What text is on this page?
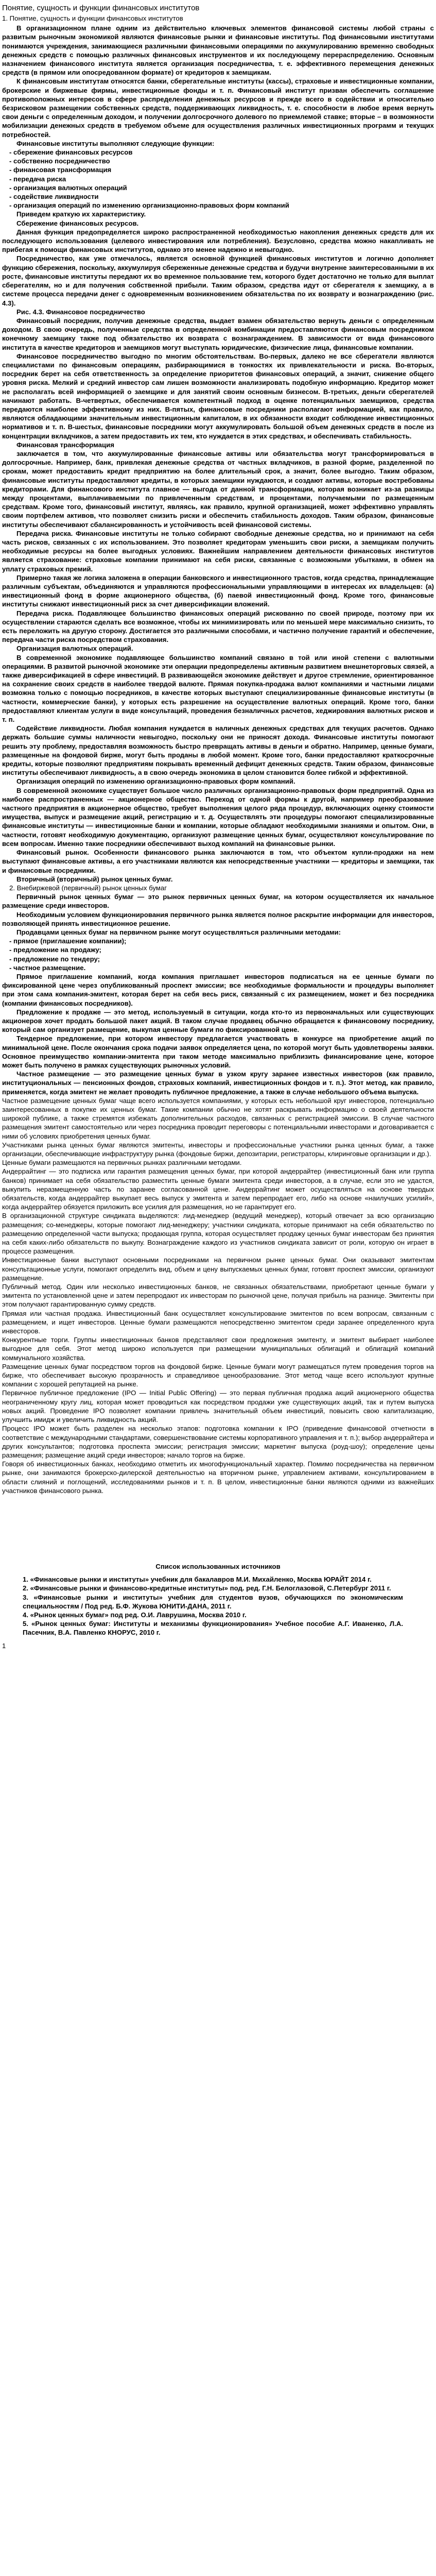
Понятие, сущность и функции финансовых институтов
1. Понятие, сущность и функции финансовых институтов

В организационном плане одним из действительно ключевых элементов финансовой системы любой страны с развитым рыночным экономикой являются финансовые рынки и финансовые институты. Под финансовыми институтами понимаются учреждения, занимающиеся различными финансовыми операциями по аккумулированию временно свободных денежных средств с помощью различных финансовых инструментов и их последующему перераспределению. Основным назначением финансового института является организация посредничества, т. е. эффективного перемещения денежных средств (в прямом или опосредованном формате) от кредиторов к заемщикам.

К финансовым институтам относятся банки, сберегательные институты (кассы), страховые и инвестиционные компании, брокерские и биржевые фирмы, инвестиционные фонды и т. п. Финансовый институт призван обеспечить соглашение противоположных интересов в сфере распределения денежных ресурсов и прежде всего в содействии и относительно безрисковом размещении собственных средств, поддерживающих ликвидность, т. е. способности в любое время вернуть свои деньги с определенным доходом, и получении долгосрочного долевого по приемлемой ставке; вторые – в возможности мобилизации денежных средств в требуемом объеме для осуществления различных инвестиционных программ и текущих потребностей.

Финансовые институты выполняют следующие функции:

- сбережение финансовых ресурсов

- собственно посредничество

- финансовая трансформация

- передача риска

- организация валютных операций

- содействие ликвидности

- организация операций по изменению организационно-правовых форм компаний

Приведем краткую их характеристику.

Сбережение финансовых ресурсов.

Данная функция предопределяется широко распространенной необходимостью накопления денежных средств для их последующего использования (целевого инвестирования или потребления). Безусловно, средства можно накапливать не прибегая к помощи финансовых институтов, однако это менее надежно и невыгодно.

Посредничество, как уже отмечалось, является основной функцией финансовых институтов и логично дополняет функцию сбережения, поскольку, аккумулируя сбереженные денежные средства и будучи внутренне заинтересованными в их росте, финансовые институты передают их во временное пользование тем, которого будет достаточно не только для выплат сберегателям, но и для получения собственной прибыли. Таким образом, средства идут от сберегателя к заемщику, а в системе процесса передачи денег с одновременным возникновением обязательства по их возврату и вознаграждению (рис. 4.3).

Рис. 4.3. Финансовое посредничество

Финансовый посредник, получив денежные средства, выдает взамен обязательство вернуть деньги с определенным доходом. В свою очередь, полученные средства в определенной комбинации предоставляются финансовым посредником конечному заемщику также под обязательство их возврата с вознаграждением. В зависимости от вида финансового института в качестве кредиторов и заемщиков могут выступать юридические, физические лица, финансовые компании.

Финансовое посредничество выгодно по многим обстоятельствам. Во-первых, далеко не все сберегатели являются специалистами по финансовым операциям, разбирающимися в тонкостях их привлекательности и риска. Во-вторых, посредник берет на себя ответственность за определение приоритетов финансовых операций, а значит, снижение общего уровня риска. Мелкий и средний инвестор сам лишен возможности анализировать подобную информацию. Кредитор может не располагать всей информацией о заемщике и для занятий своим основным бизнесом. В-третьих, деньги сберегателей начинают работать. В-четвертых, обеспечивается компетентный подход в оценке потенциальных заемщиков, средства передаются наиболее эффективному из них. В-пятых, финансовые посредники располагают информацией, как правило, являются обладающими значительным инвестиционным капиталом, в их обязанности входит соблюдение инвестиционных нормативов и т. п. В-шестых, финансовые посредники могут аккумулировать большой объем денежных средств в после из концентрации вкладчиков, а затем предоставить их тем, кто нуждается в этих средствах, и обеспечивать стабильность.

Финансовая трансформация

заключается в том, что аккумулированные финансовые активы или обязательства могут трансформироваться в долгосрочные. Например, банк, привлекая денежные средства от частных вкладчиков, в разной форме, разделенной по срокам, может предоставить кредит предприятию на более длительный срок, а значит, более выгодно. Таким образом, финансовые институты предоставляют кредиты, в которых заемщики нуждаются, и создают активы, которые востребованы кредиторами. Для финансового института главное — выгода от данной трансформации, которая возникает из-за разницы между процентами, выплачиваемыми по привлеченным средствам, и процентами, получаемыми по размещенным средствам. Кроме того, финансовый институт, являясь, как правило, крупной организацией, может эффективно управлять своим портфелем активов, что позволяет снизить риски и обеспечить стабильность доходов. Таким образом, финансовые институты обеспечивают сбалансированность и устойчивость всей финансовой системы.

Передача риска. Финансовые институты не только собирают свободные денежные средства, но и принимают на себя часть рисков, связанных с их использованием. Это позволяет кредиторам уменьшить свои риски, а заемщикам получить необходимые ресурсы на более выгодных условиях. Важнейшим направлением деятельности финансовых институтов является страхование: страховые компании принимают на себя риски, связанные с возможными убытками, в обмен на уплату страховых премий.

Примерно такая же логика заложена в операции банковского и инвестиционного трастов, когда средства, принадлежащие различным субъектам, объединяются и управляются профессиональными управляющими в интересах их владельцев: (а) инвестиционный фонд в форме акционерного общества, (б) паевой инвестиционный фонд. Кроме того, финансовые институты снижают инвестиционный риск за счет диверсификации вложений.

Передача риска. Подавляющее большинство финансовых операций рискованно по своей природе, поэтому при их осуществлении стараются сделать все возможное, чтобы их минимизировать или по меньшей мере максимально снизить, то есть переложить на другую сторону. Достигается это различными способами, и частично получение гарантий и обеспечение, передача части риска посредством страхования.

Организация валютных операций.

В современной экономике подавляющее большинство компаний связано в той или иной степени с валютными операциями. В развитой рыночной экономике эти операции предопределены активным развитием внешнеторговых связей, а также диверсификацией в сфере инвестиций. В развивающейся экономике действует и другое стремление, ориентированное на сохранение своих средств в наиболее твердой валюте. Прямая покупка-продажа валют компаниями и частными лицами возможна только с помощью посредников, в качестве которых выступают специализированные финансовые институты (в частности, коммерческие банки), у которых есть разрешение на осуществление валютных операций. Кроме того, банки предоставляют клиентам услуги в виде консультаций, проведения безналичных расчетов, хеджирования валютных рисков и т. п.

Содействие ликвидности. Любая компания нуждается в наличных денежных средствах для текущих расчетов. Однако держать большие суммы наличности невыгодно, поскольку они не приносят дохода. Финансовые институты помогают решить эту проблему, предоставляя возможность быстро превращать активы в деньги и обратно. Например, ценные бумаги, размещенные на фондовой бирже, могут быть проданы в любой момент. Кроме того, банки предоставляют краткосрочные кредиты, которые позволяют предприятиям покрывать временный дефицит денежных средств. Таким образом, финансовые институты обеспечивают ликвидность, а в свою очередь экономика в целом становится более гибкой и эффективной.

Организация операций по изменению организационно-правовых форм компаний.

В современной экономике существует большое число различных организационно-правовых форм предприятий. Одна из наиболее распространенных — акционерное общество. Переход от одной формы к другой, например преобразование частного предприятия в акционерное общество, требует выполнения целого ряда процедур, включающих оценку стоимости имущества, выпуск и размещение акций, регистрацию и т. д. Осуществлять эти процедуры помогают специализированные финансовые институты — инвестиционные банки и компании, которые обладают необходимыми знаниями и опытом. Они, в частности, готовят необходимую документацию, организуют размещение ценных бумаг, осуществляют консультирование по всем вопросам. Именно такие посредники обеспечивают выход компаний на финансовые рынки.

Финансовый рынок. Особенности финансового рынка заключаются в том, что объектом купли-продажи на нем выступают финансовые активы, а его участниками являются как непосредственные участники — кредиторы и заемщики, так и финансовые посредники.

Вторичный (вторичный) рынок ценных бумаг.

2. Внебиржевой (первичный) рынок ценных бумаг

Первичный рынок ценных бумаг — это рынок первичных ценных бумаг, на котором осуществляется их начальное размещение среди инвесторов.

Необходимым условием функционирования первичного рынка является полное раскрытие информации для инвесторов, позволяющей принять инвестиционное решение.

Продавцами ценных бумаг на первичном рынке могут осуществляться различными методами:

- прямое (приглашение компании);

- предложение на продажу;

- предложение по тендеру;

- частное размещение.

Прямое приглашение компаний, когда компания приглашает инвесторов подписаться на ее ценные бумаги по фиксированной цене через опубликованный проспект эмиссии; все необходимые формальности и процедуры выполняет при этом сама компания-эмитент, которая берет на себя весь риск, связанный с их размещением, может и без посредника (компании финансовых посредников).

Предложение к продаже — это метод, используемый в ситуации, когда кто-то из первоначальных или существующих акционеров хочет продать большой пакет акций. В таком случае продавец обычно обращается к финансовому посреднику, который сам организует размещение, выкупая ценные бумаги по фиксированной цене.

Тендерное предложение, при котором инвестору предлагается участвовать в конкурсе на приобретение акций по минимальной цене. После окончания срока подачи заявок определяется цена, по которой могут быть удовлетворены заявки. Основное преимущество компании-эмитента при таком методе максимально приблизить финансирование цене, которое может быть получено в рамках существующих рыночных условий.

Частное размещение — это размещение ценных бумаг в узком кругу заранее известных инвесторов (как правило, институциональных — пенсионных фондов, страховых компаний, инвестиционных фондов и т. п.). Этот метод, как правило, применяется, когда эмитент не желает проводить публичное предложение, а также в случае небольшого объема выпуска.

Частное размещение ценных бумаг чаще всего используется компаниями, у которых есть небольшой круг инвесторов, потенциально заинтересованных в покупке их ценных бумаг. Такие компании обычно не хотят раскрывать информацию о своей деятельности широкой публике, а также стремятся избежать дополнительных расходов, связанных с регистрацией эмиссии. В случае частного размещения эмитент самостоятельно или через посредника проводит переговоры с потенциальными инвесторами и договаривается с ними об условиях приобретения ценных бумаг.

Участниками рынка ценных бумаг являются эмитенты, инвесторы и профессиональные участники рынка ценных бумаг, а также организации, обеспечивающие инфраструктуру рынка (фондовые биржи, депозитарии, регистраторы, клиринговые организации и др.).

Ценные бумаги размещаются на первичных рынках различными методами.

Андеррайтинг — это подписка или гарантия размещения ценных бумаг, при которой андеррайтер (инвестиционный банк или группа банков) принимает на себя обязательство разместить ценные бумаги эмитента среди инвесторов, а в случае, если это не удастся, выкупить неразмещенную часть по заранее согласованной цене. Андеррайтинг может осуществляться на основе твердых обязательств, когда андеррайтер выкупает весь выпуск у эмитента и затем перепродает его, либо на основе «наилучших усилий», когда андеррайтер обязуется приложить все усилия для размещения, но не гарантирует его.

В организационной структуре синдиката выделяются: лид-менеджер (ведущий менеджер), который отвечает за всю организацию размещения; со-менеджеры, которые помогают лид-менеджеру; участники синдиката, которые принимают на себя обязательство по размещению определенной части выпуска; продающая группа, которая осуществляет продажу ценных бумаг инвесторам без принятия на себя каких-либо обязательств по выкупу. Вознаграждение каждого из участников синдиката зависит от роли, которую он играет в процессе размещения.

Инвестиционные банки выступают основными посредниками на первичном рынке ценных бумаг. Они оказывают эмитентам консультационные услуги, помогают определить вид, объем и цену выпускаемых ценных бумаг, готовят проспект эмиссии, организуют размещение.

Публичный метод. Один или несколько инвестиционных банков, не связанных обязательствами, приобретают ценные бумаги у эмитента по установленной цене и затем перепродают их инвесторам по рыночной цене, получая прибыль на разнице. Эмитенты при этом получают гарантированную сумму средств.

Прямая или частная продажа. Инвестиционный банк осуществляет консультирование эмитентов по всем вопросам, связанным с размещением, и ищет инвесторов. Ценные бумаги размещаются непосредственно эмитентом среди заранее определенного круга инвесторов.

Конкурентные торги. Группы инвестиционных банков представляют свои предложения эмитенту, и эмитент выбирает наиболее выгодное для себя. Этот метод широко используется при размещении муниципальных облигаций и облигаций компаний коммунального хозяйства.

Размещение ценных бумаг посредством торгов на фондовой бирже. Ценные бумаги могут размещаться путем проведения торгов на бирже, что обеспечивает высокую прозрачность и справедливое ценообразование. Этот метод чаще всего используют крупные компании с хорошей репутацией на рынке.

Первичное публичное предложение (IPO — Initial Public Offering) — это первая публичная продажа акций акционерного общества неограниченному кругу лиц, которая может проводиться как посредством продажи уже существующих акций, так и путем выпуска новых акций. Проведение IPO позволяет компании привлечь значительный объем инвестиций, повысить свою капитализацию, улучшить имидж и увеличить ликвидность акций.

Процесс IPO может быть разделен на несколько этапов: подготовка компании к IPO (приведение финансовой отчетности в соответствие с международными стандартами, совершенствование системы корпоративного управления и т. п.); выбор андеррайтера и других консультантов; подготовка проспекта эмиссии; регистрация эмиссии; маркетинг выпуска (роуд-шоу); определение цены размещения; размещение акций среди инвесторов; начало торгов на бирже.

Говоря об инвестиционных банках, необходимо отметить их многофункциональный характер. Помимо посредничества на первичном рынке, они занимаются брокерско-дилерской деятельностью на вторичном рынке, управлением активами, консультированием в области слияний и поглощений, исследованиями рынков и т. п. В целом, инвестиционные банки являются одними из важнейших участников финансового рынка.

Список использованных источников

1. «Финансовые рынки и институты» учебник для бакалавров М.И. Михайленко, Москва ЮРАЙТ 2014 г.

2. «Финансовые рынки и финансово-кредитные институты» под. ред. Г.Н. Белоглазовой, С.Петербург 2011 г.

3. «Финансовые рынки и институты» учебник для студентов вузов, обучающихся по экономическим специальностям / Под ред. Б.Ф. Жукова ЮНИТИ-ДАНА, 2011 г.

4. «Рынок ценных бумаг» под ред. О.И. Лаврушина, Москва 2010 г.

5. «Рынок ценных бумаг: Институты и механизмы функционирования» Учебное пособие А.Г. Иваненко, Л.А. Пасечник, В.А. Павленко КНОРУС, 2010 г.

1
